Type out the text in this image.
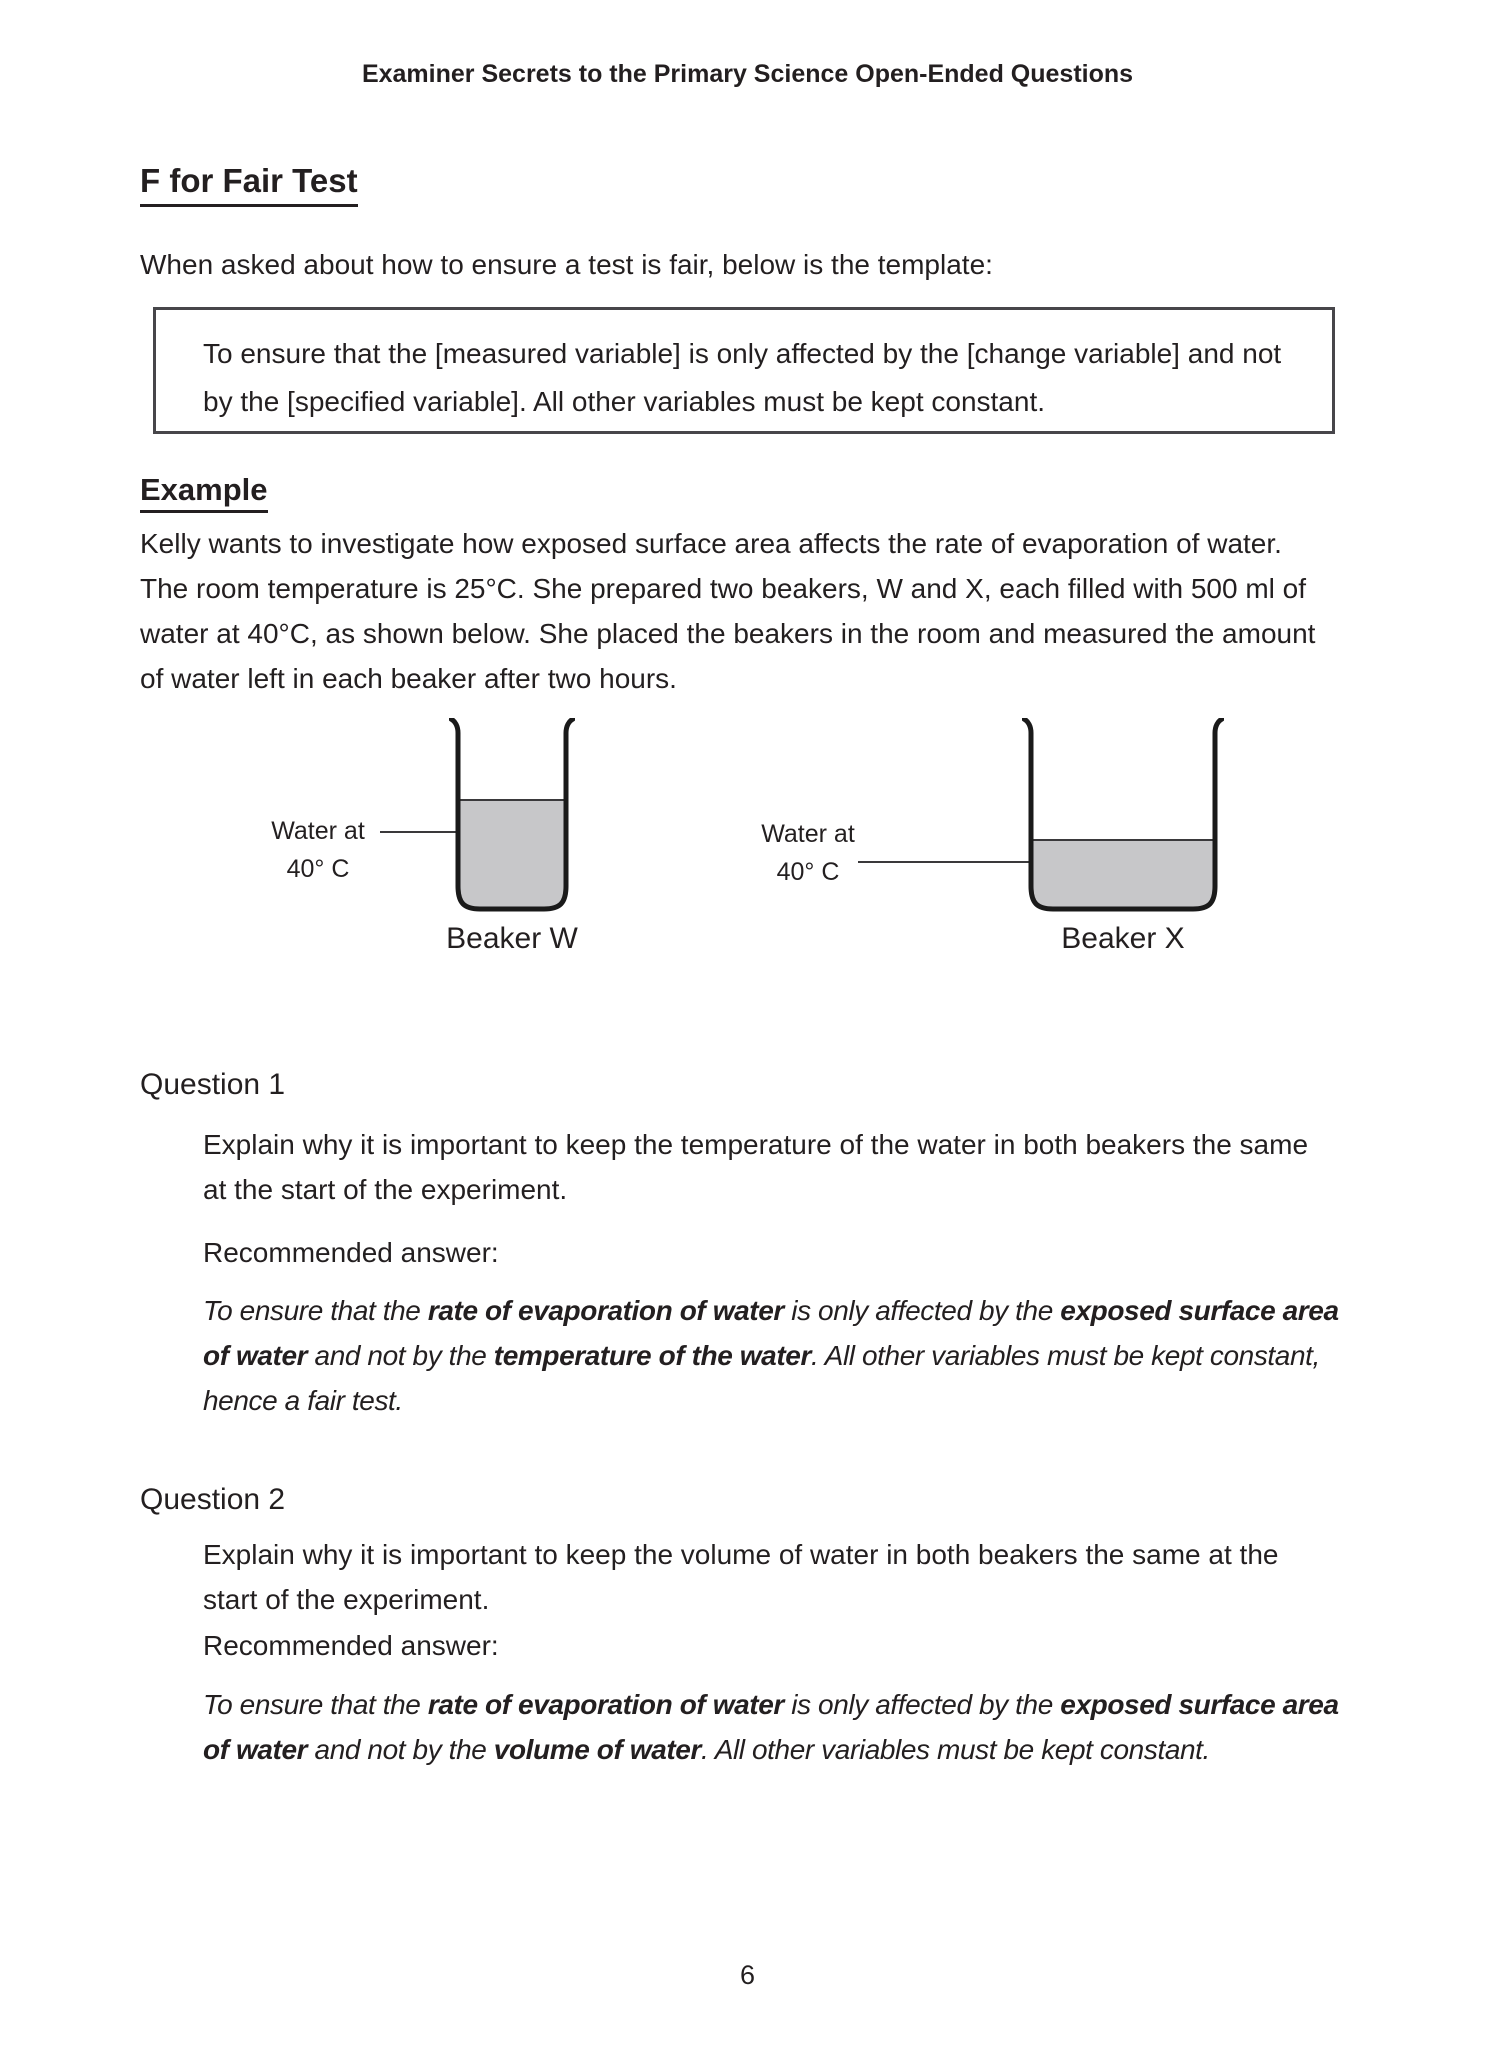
Examiner Secrets to the Primary Science Open-Ended Questions
F for Fair Test
When asked about how to ensure a test is fair, below is the template:
To ensure that the [measured variable] is only affected by the [change variable] and not by the [specified variable]. All other variables must be kept constant.
Example
Kelly wants to investigate how exposed surface area affects the rate of evaporation of water. The room temperature is 25°C. She prepared two beakers, W and X, each filled with 500 ml of water at 40°C, as shown below. She placed the beakers in the room and measured the amount of water left in each beaker after two hours.
Water at
40° C
Beaker W
Water at
40° C
Beaker X
Question 1
Explain why it is important to keep the temperature of the water in both beakers the same at the start of the experiment.
Recommended answer:
To ensure that the rate of evaporation of water is only affected by the exposed surface area of water and not by the temperature of the water. All other variables must be kept constant, hence a fair test.
Question 2
Explain why it is important to keep the volume of water in both beakers the same at the start of the experiment.
Recommended answer:
To ensure that the rate of evaporation of water is only affected by the exposed surface area of water and not by the volume of water. All other variables must be kept constant.
6
